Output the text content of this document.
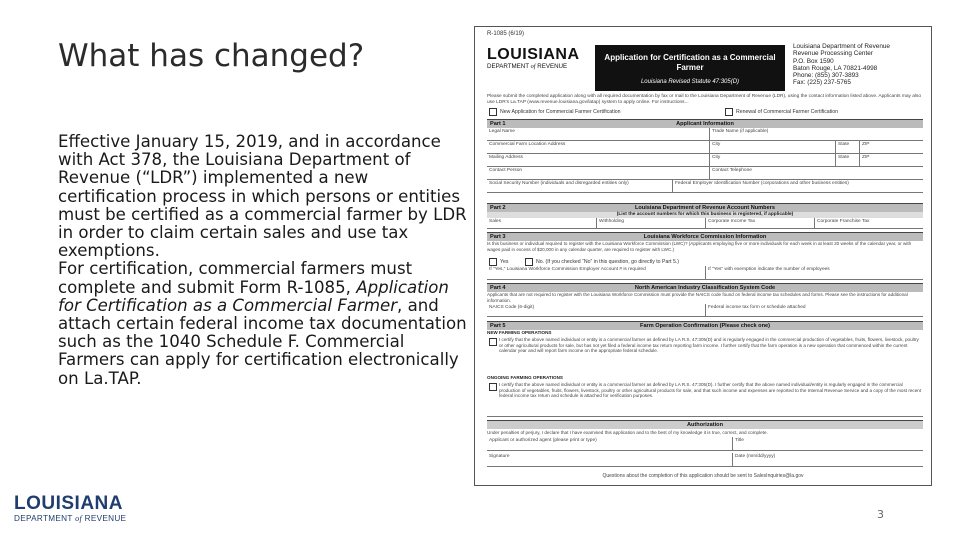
What has changed?

Effective January 15, 2019, and in accordance with Act 378, the Louisiana Department of Revenue (“LDR”) implemented a new certification process in which persons or entities must be certified as a commercial farmer by LDR in order to claim certain sales and use tax exemptions.

For certification, commercial farmers must complete and submit Form R-1085, Application for Certification as a Commercial Farmer, and attach certain federal income tax documentation such as the 1040 Schedule F. Commercial Farmers can apply for certification electronically on La.TAP.

LOUISIANA
DEPARTMENT of REVENUE	3
R-1085 (6/19)
LOUISIANA
DEPARTMENT of REVENUE
Application for Certification as a Commercial Farmer
Louisiana Revised Statute 47:305(D)
Louisiana Department of Revenue
Revenue Processing Center
P.O. Box 1590
Baton Rouge, LA 70821-4998
Phone: (855) 307-3893
Fax: (225) 237-5765
Please submit the completed application along with all required documentation by fax or mail to the Louisiana Department of Revenue (LDR), using the contact information listed above. Applicants may also use LDR’s La.TAP (www.revenue.louisiana.gov/latap) system to apply online. For instructions...
New Application for Commercial Farmer Certification	Renewal of Commercial Farmer Certification
Part 1	Applicant Information
Legal Name	Trade Name (if applicable)
Commercial Farm Location Address	City	State	ZIP
Mailing Address	City	State	ZIP
Contact Person	Contact Telephone
Social Security Number (individuals and disregarded entities only)	Federal Employer Identification Number (corporations and other business entities)
Part 2	Louisiana Department of Revenue Account Numbers
(List the account numbers for which this business is registered, if applicable)
Sales	Withholding	Corporate Income Tax	Corporate Franchise Tax
Part 3	Louisiana Workforce Commission Information
Is this business or individual required to register with the Louisiana Workforce Commission (LWC)? (Applicants employing five or more individuals for each week in at least 20 weeks of the calendar year, or with wages paid in excess of $20,000 in any calendar quarter, are required to register with LWC.)
Yes	No. (If you checked “No” in this question, go directly to Part 5.)
If “Yes,” Louisiana Workforce Commission Employer Account # is required	If “Yes” with exemption indicate the number of employees
Part 4	North American Industry Classification System Code
Applicants that are not required to register with the Louisiana Workforce Commission must provide the NAICS code found on federal income tax schedules and forms. Please see the instructions for additional information.
NAICS Code (6-digit)	Federal income tax form or schedule attached
Part 5	Farm Operation Confirmation (Please check one)
NEW FARMING OPERATIONS
I certify that the above named individual or entity is a commercial farmer as defined by LA R.S. 47:305(D) and is regularly engaged in the commercial production of vegetables, fruits, flowers, livestock, poultry or other agricultural products for sale, but has not yet filed a federal income tax return reporting farm income. I further certify that the farm operation is a new operation that commenced within the current calendar year and will report farm income on the appropriate federal schedule.
ONGOING FARMING OPERATIONS
I certify that the above named individual or entity is a commercial farmer as defined by LA R.S. 47:305(D). I further certify that the above named individual/entity is regularly engaged in the commercial production of vegetables, fruits, flowers, livestock, poultry or other agricultural products for sale, and that such income and expenses are reported to the Internal Revenue Service and a copy of the most recent federal income tax return and schedule is attached for verification purposes.
Authorization
Under penalties of perjury, I declare that I have examined this application and to the best of my knowledge it is true, correct, and complete.
Applicant or authorized agent (please print or type)	Title
Signature	Date (mm/dd/yyyy)
Questions about the completion of this application should be sent to SalesInquiries@la.gov
